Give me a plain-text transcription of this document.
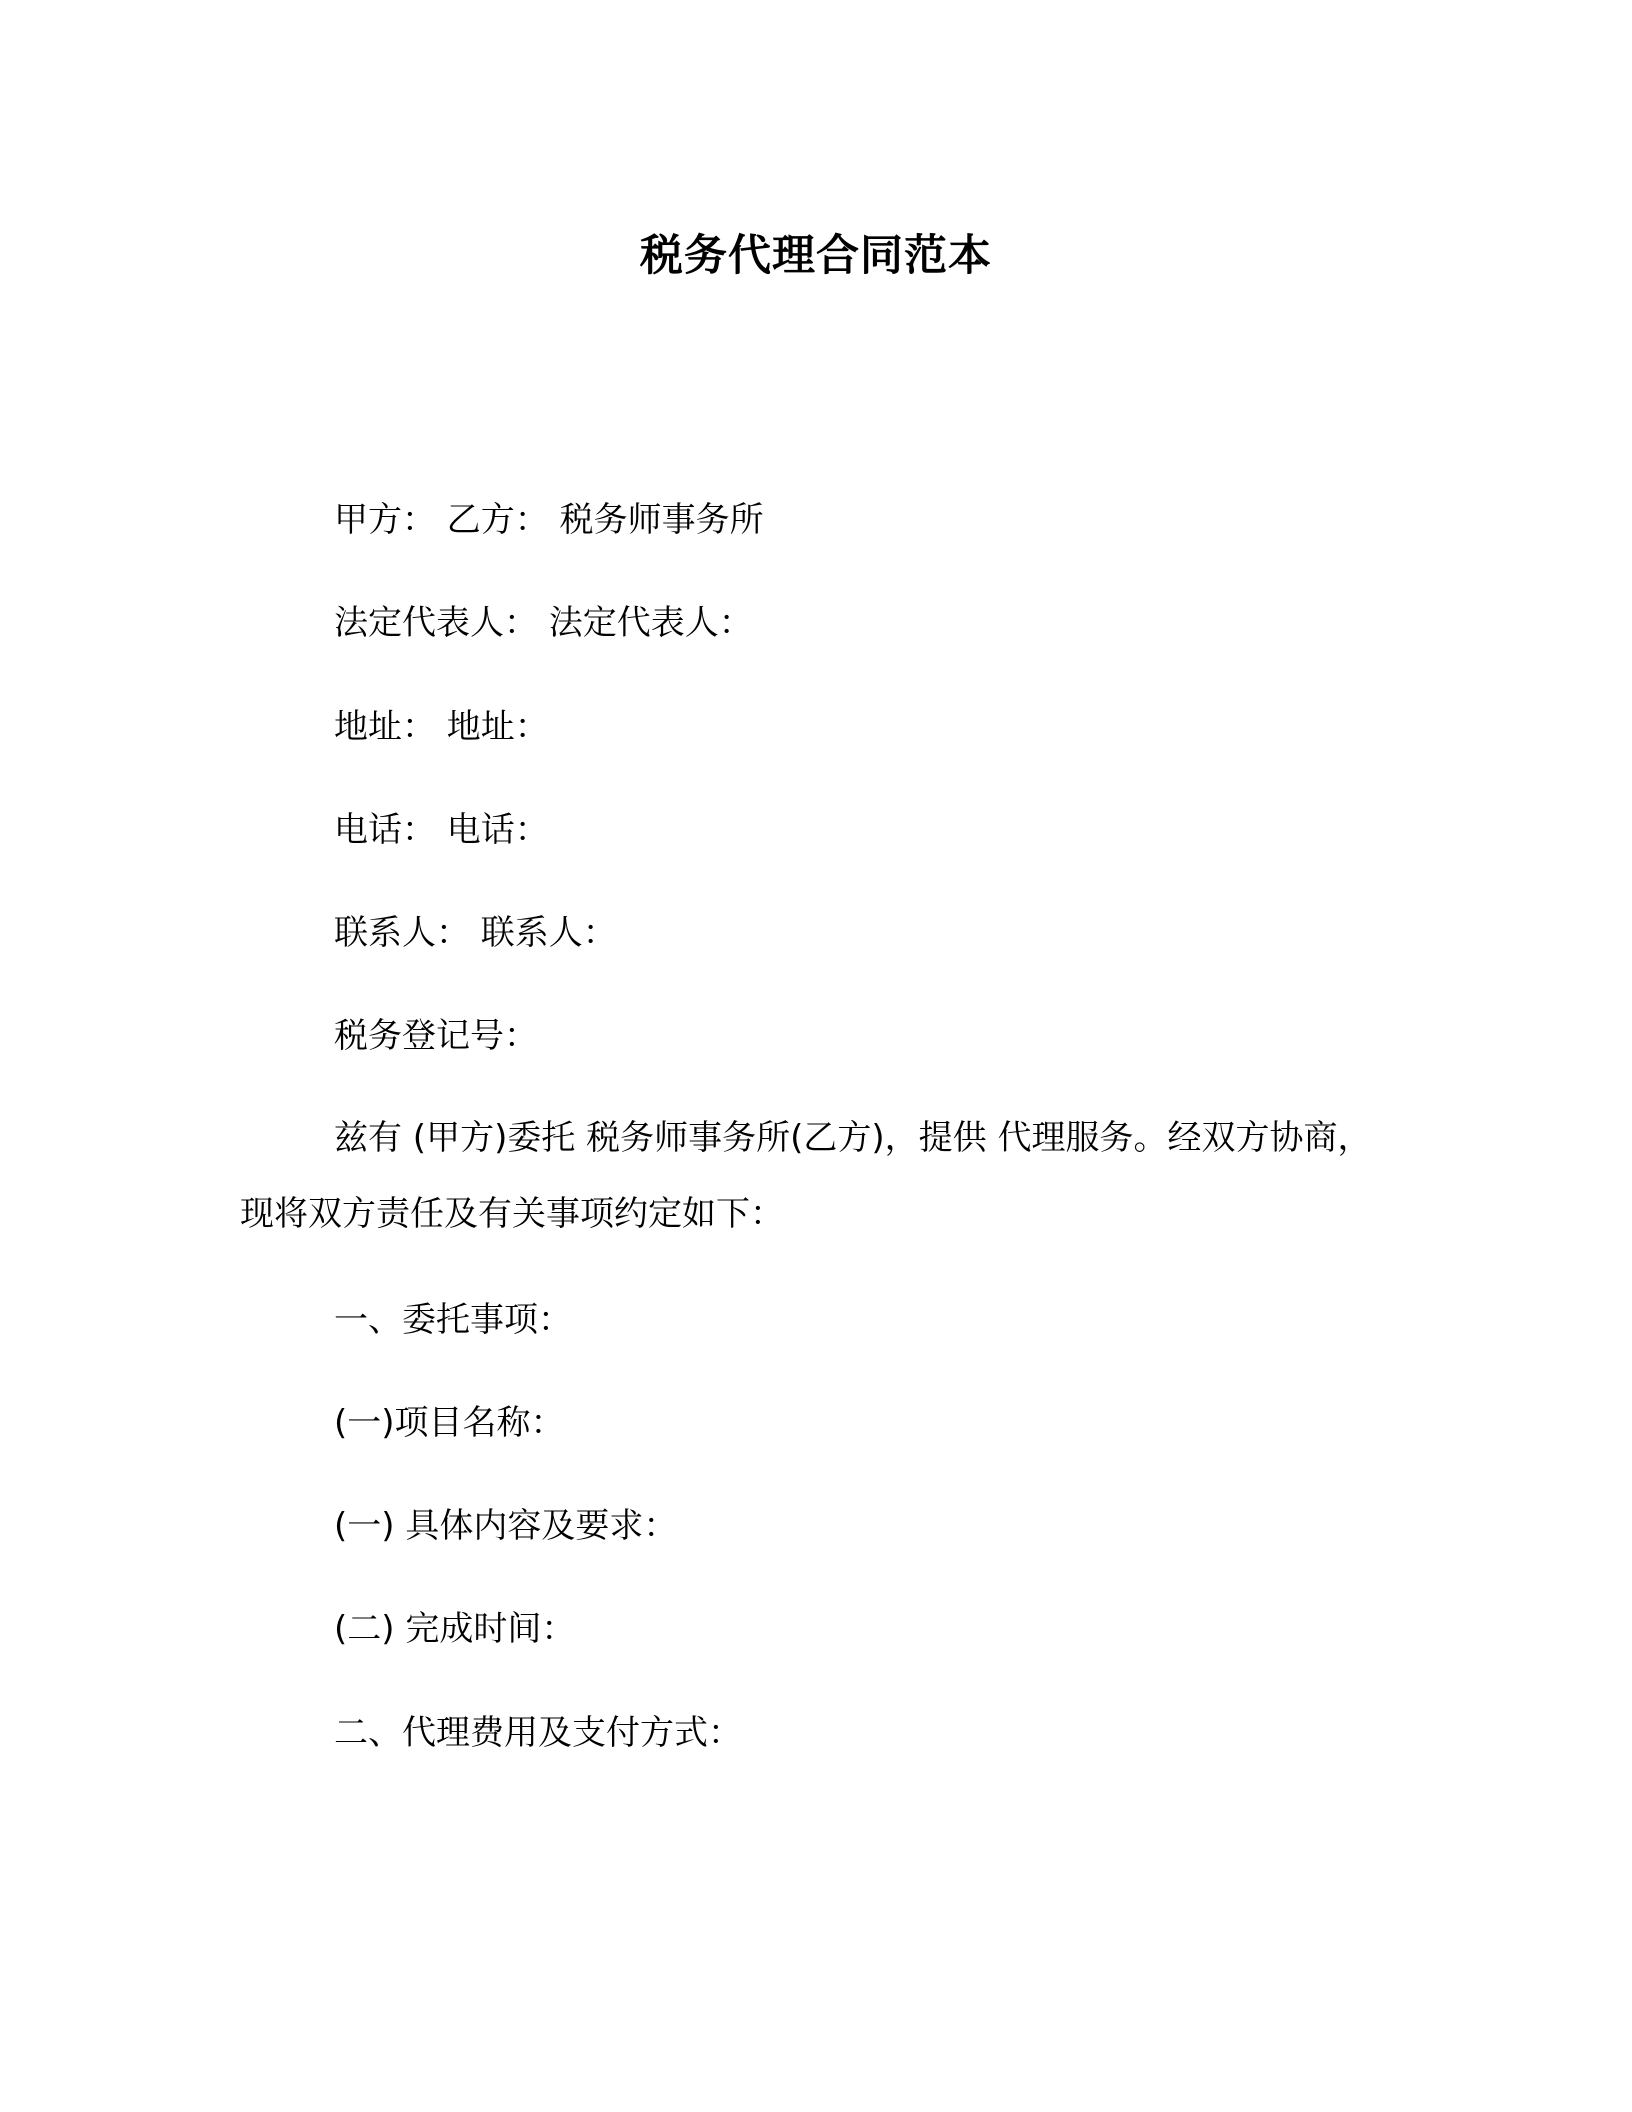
税务代理合同范本

甲方： 乙方： 税务师事务所

法定代表人： 法定代表人：

地址： 地址：

电话： 电话：

联系人： 联系人：

税务登记号：

兹有 (甲方)委托 税务师事务所(乙方)，提供 代理服务。经双方协商，现将双方责任及有关事项约定如下：

一、委托事项：

(一)项目名称：

(一) 具体内容及要求：

(二) 完成时间：

二、代理费用及支付方式：
